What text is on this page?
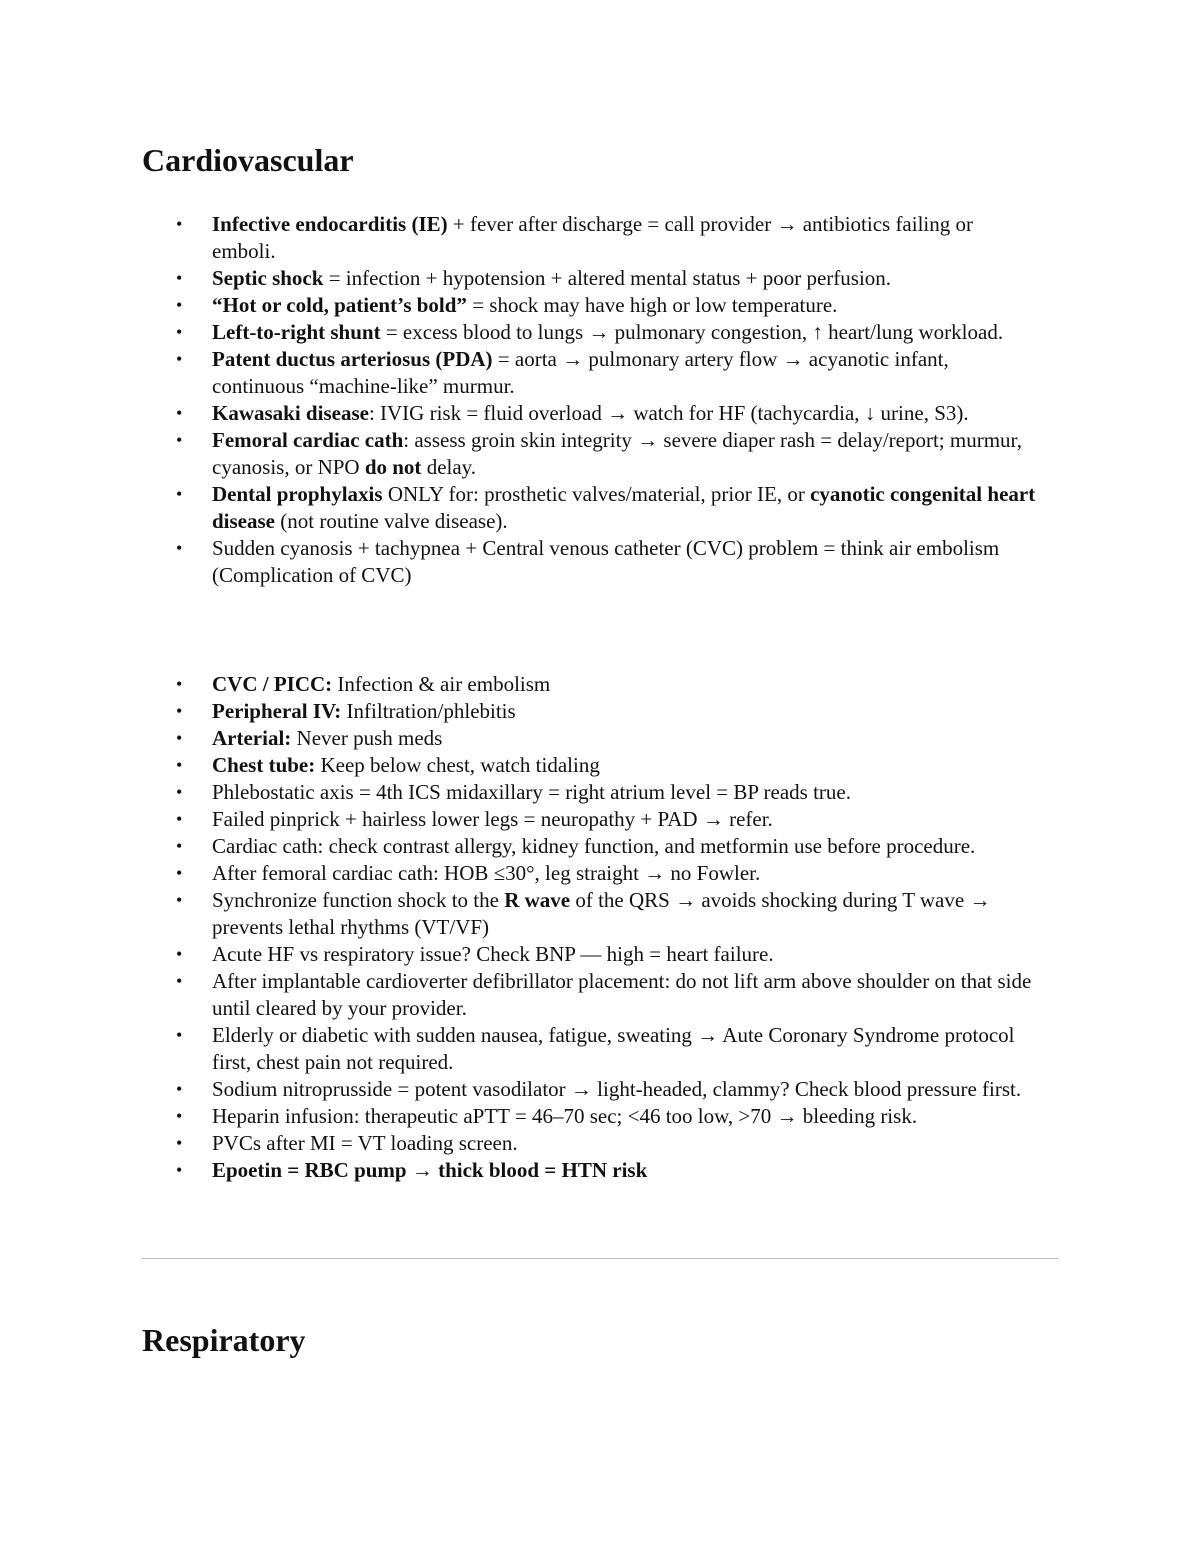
Cardiovascular
• Infective endocarditis (IE) + fever after discharge = call provider → antibiotics failing or emboli.
• Septic shock = infection + hypotension + altered mental status + poor perfusion.
• “Hot or cold, patient’s bold” = shock may have high or low temperature.
• Left-to-right shunt = excess blood to lungs → pulmonary congestion, ↑ heart/lung workload.
• Patent ductus arteriosus (PDA) = aorta → pulmonary artery flow → acyanotic infant, continuous “machine-like” murmur.
• Kawasaki disease: IVIG risk = fluid overload → watch for HF (tachycardia, ↓ urine, S3).
• Femoral cardiac cath: assess groin skin integrity → severe diaper rash = delay/report; murmur, cyanosis, or NPO do not delay.
• Dental prophylaxis ONLY for: prosthetic valves/material, prior IE, or cyanotic congenital heart disease (not routine valve disease).
• Sudden cyanosis + tachypnea + Central venous catheter (CVC) problem = think air embolism (Complication of CVC)
• CVC / PICC: Infection & air embolism
• Peripheral IV: Infiltration/phlebitis
• Arterial: Never push meds
• Chest tube: Keep below chest, watch tidaling
• Phlebostatic axis = 4th ICS midaxillary = right atrium level = BP reads true.
• Failed pinprick + hairless lower legs = neuropathy + PAD → refer.
• Cardiac cath: check contrast allergy, kidney function, and metformin use before procedure.
• After femoral cardiac cath: HOB ≤30°, leg straight → no Fowler.
• Synchronize function shock to the R wave of the QRS → avoids shocking during T wave → prevents lethal rhythms (VT/VF)
• Acute HF vs respiratory issue? Check BNP — high = heart failure.
• After implantable cardioverter defibrillator placement: do not lift arm above shoulder on that side until cleared by your provider.
• Elderly or diabetic with sudden nausea, fatigue, sweating → Aute Coronary Syndrome protocol first, chest pain not required.
• Sodium nitroprusside = potent vasodilator → light-headed, clammy? Check blood pressure first.
• Heparin infusion: therapeutic aPTT = 46–70 sec; <46 too low, >70 → bleeding risk.
• PVCs after MI = VT loading screen.
• Epoetin = RBC pump → thick blood = HTN risk
Respiratory
